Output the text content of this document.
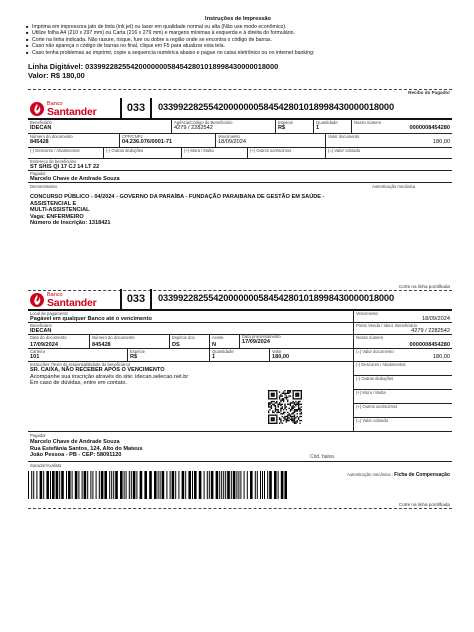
Instruções de Impressão
■ Imprima em impressora jato de tinta (ink jet) ou laser em qualidade normal ou alta (Não use modo econômico).
■ Utilize folha A4 (210 x 297 mm) ou Carta (216 x 279 mm) e margens mínimas à esquerda e à direita do formulário.
■ Corte na linha indicada. Não rasure, risque, fure ou dobre a região onde se encontra o código de barras.
■ Caso não apareça o código de barras no final, clique em F5 para atualizar esta tela.
■ Caso tenha problemas ao imprimir, copie a sequencia numérica abaixo e pague no caixa eletrônico ou no internet banking:
Linha Digitável: 03399228255420000000584542801018998430000018000
Valor: R$ 180,00
Recibo do Pagador
Banco
Santander	033	03399228255420000000584542801018998430000018000
Beneficiário
IDECAN
Agência/Código do Beneficiário
4279 / 2282542
Espécie
R$
Quantidade
1
Nosso número
0000008454280
Número do documento
845428
CPF/CNPJ
04.236.076/0001-71
Vencimento
18/09/2024
Valor documento
180,00
(-) Desconto / Abatimentos	(-) Outras deduções	(+) Mora / Multa	(+) Outros acréscimos	(=) Valor cobrado
Endereço do beneficiário
ST SHIS QI 17 CJ 14 LT 22
Pagador
Marcelo Chave de Andrade Souza
Demonstrativo	Autenticação mecânica
CONCURSO PÚBLICO - 04/2024 - GOVERNO DA PARAÍBA - FUNDAÇÃO PARAIBANA DE GESTÃO EM SAÚDE - ASSISTENCIAL E
MULTI-ASSISTENCIAL
Vaga: ENFERMEIRO
Número de Inscrição: 1318421
Corte na linha pontilhada
Banco
Santander	033	03399228255420000000584542801018998430000018000
Local de pagamento
Pagável em qualquer Banco até o vencimento
Vencimento
18/09/2024
Beneficiário
IDECAN
Ponto Venda / Ident. Beneficiário
4279 / 2282542
Data do documento
17/09/2024
Número do documento
845428
Espécie doc.
DS
Aceite
N
Data processamento
17/09/2024
Nosso número
0000008454280
Carteira
101
Espécie
R$
Quantidade
1
Valor
180,00
(=) Valor documento
180,00
Instruções (Texto de responsabilidade do beneficiário)
SR. CAIXA, NÃO RECEBER APÓS O VENCIMENTO
Acompanhe sua inscrição através do site: idecan.selecao.net.br
Em caso de dúvidas, entre em contato.
(-) Desconto / Abatimentos
(-) Outras deduções
(+) Mora / Multa
(+) Outros acréscimos
(=) Valor cobrado
Pagador
Marcelo Chave de Andrade Souza
Rua Estefânia Santos, 124, Alto do Mateus
João Pessoa - PB - CEP: 58091120	Cód. baixa
Sacador/Avalista
Autenticação mecânica - Ficha de Compensação
Corte na linha pontilhada
